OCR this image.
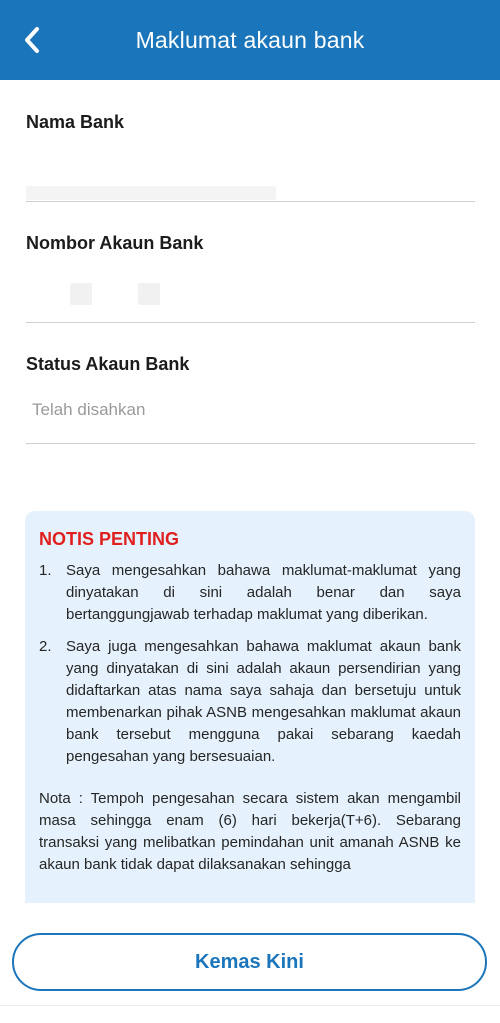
Maklumat akaun bank
Nama Bank
Nombor Akaun Bank
Status Akaun Bank
Telah disahkan
NOTIS PENTING
1. Saya mengesahkan bahawa maklumat-maklumat yang dinyatakan di sini adalah benar dan saya bertanggungjawab terhadap maklumat yang diberikan.
2. Saya juga mengesahkan bahawa maklumat akaun bank yang dinyatakan di sini adalah akaun persendirian yang didaftarkan atas nama saya sahaja dan bersetuju untuk membenarkan pihak ASNB mengesahkan maklumat akaun bank tersebut mengguna pakai sebarang kaedah pengesahan yang bersesuaian.
Nota : Tempoh pengesahan secara sistem akan mengambil masa sehingga enam (6) hari bekerja(T+6). Sebarang transaksi yang melibatkan pemindahan unit amanah ASNB ke akaun bank tidak dapat dilaksanakan sehingga
Kemas Kini
